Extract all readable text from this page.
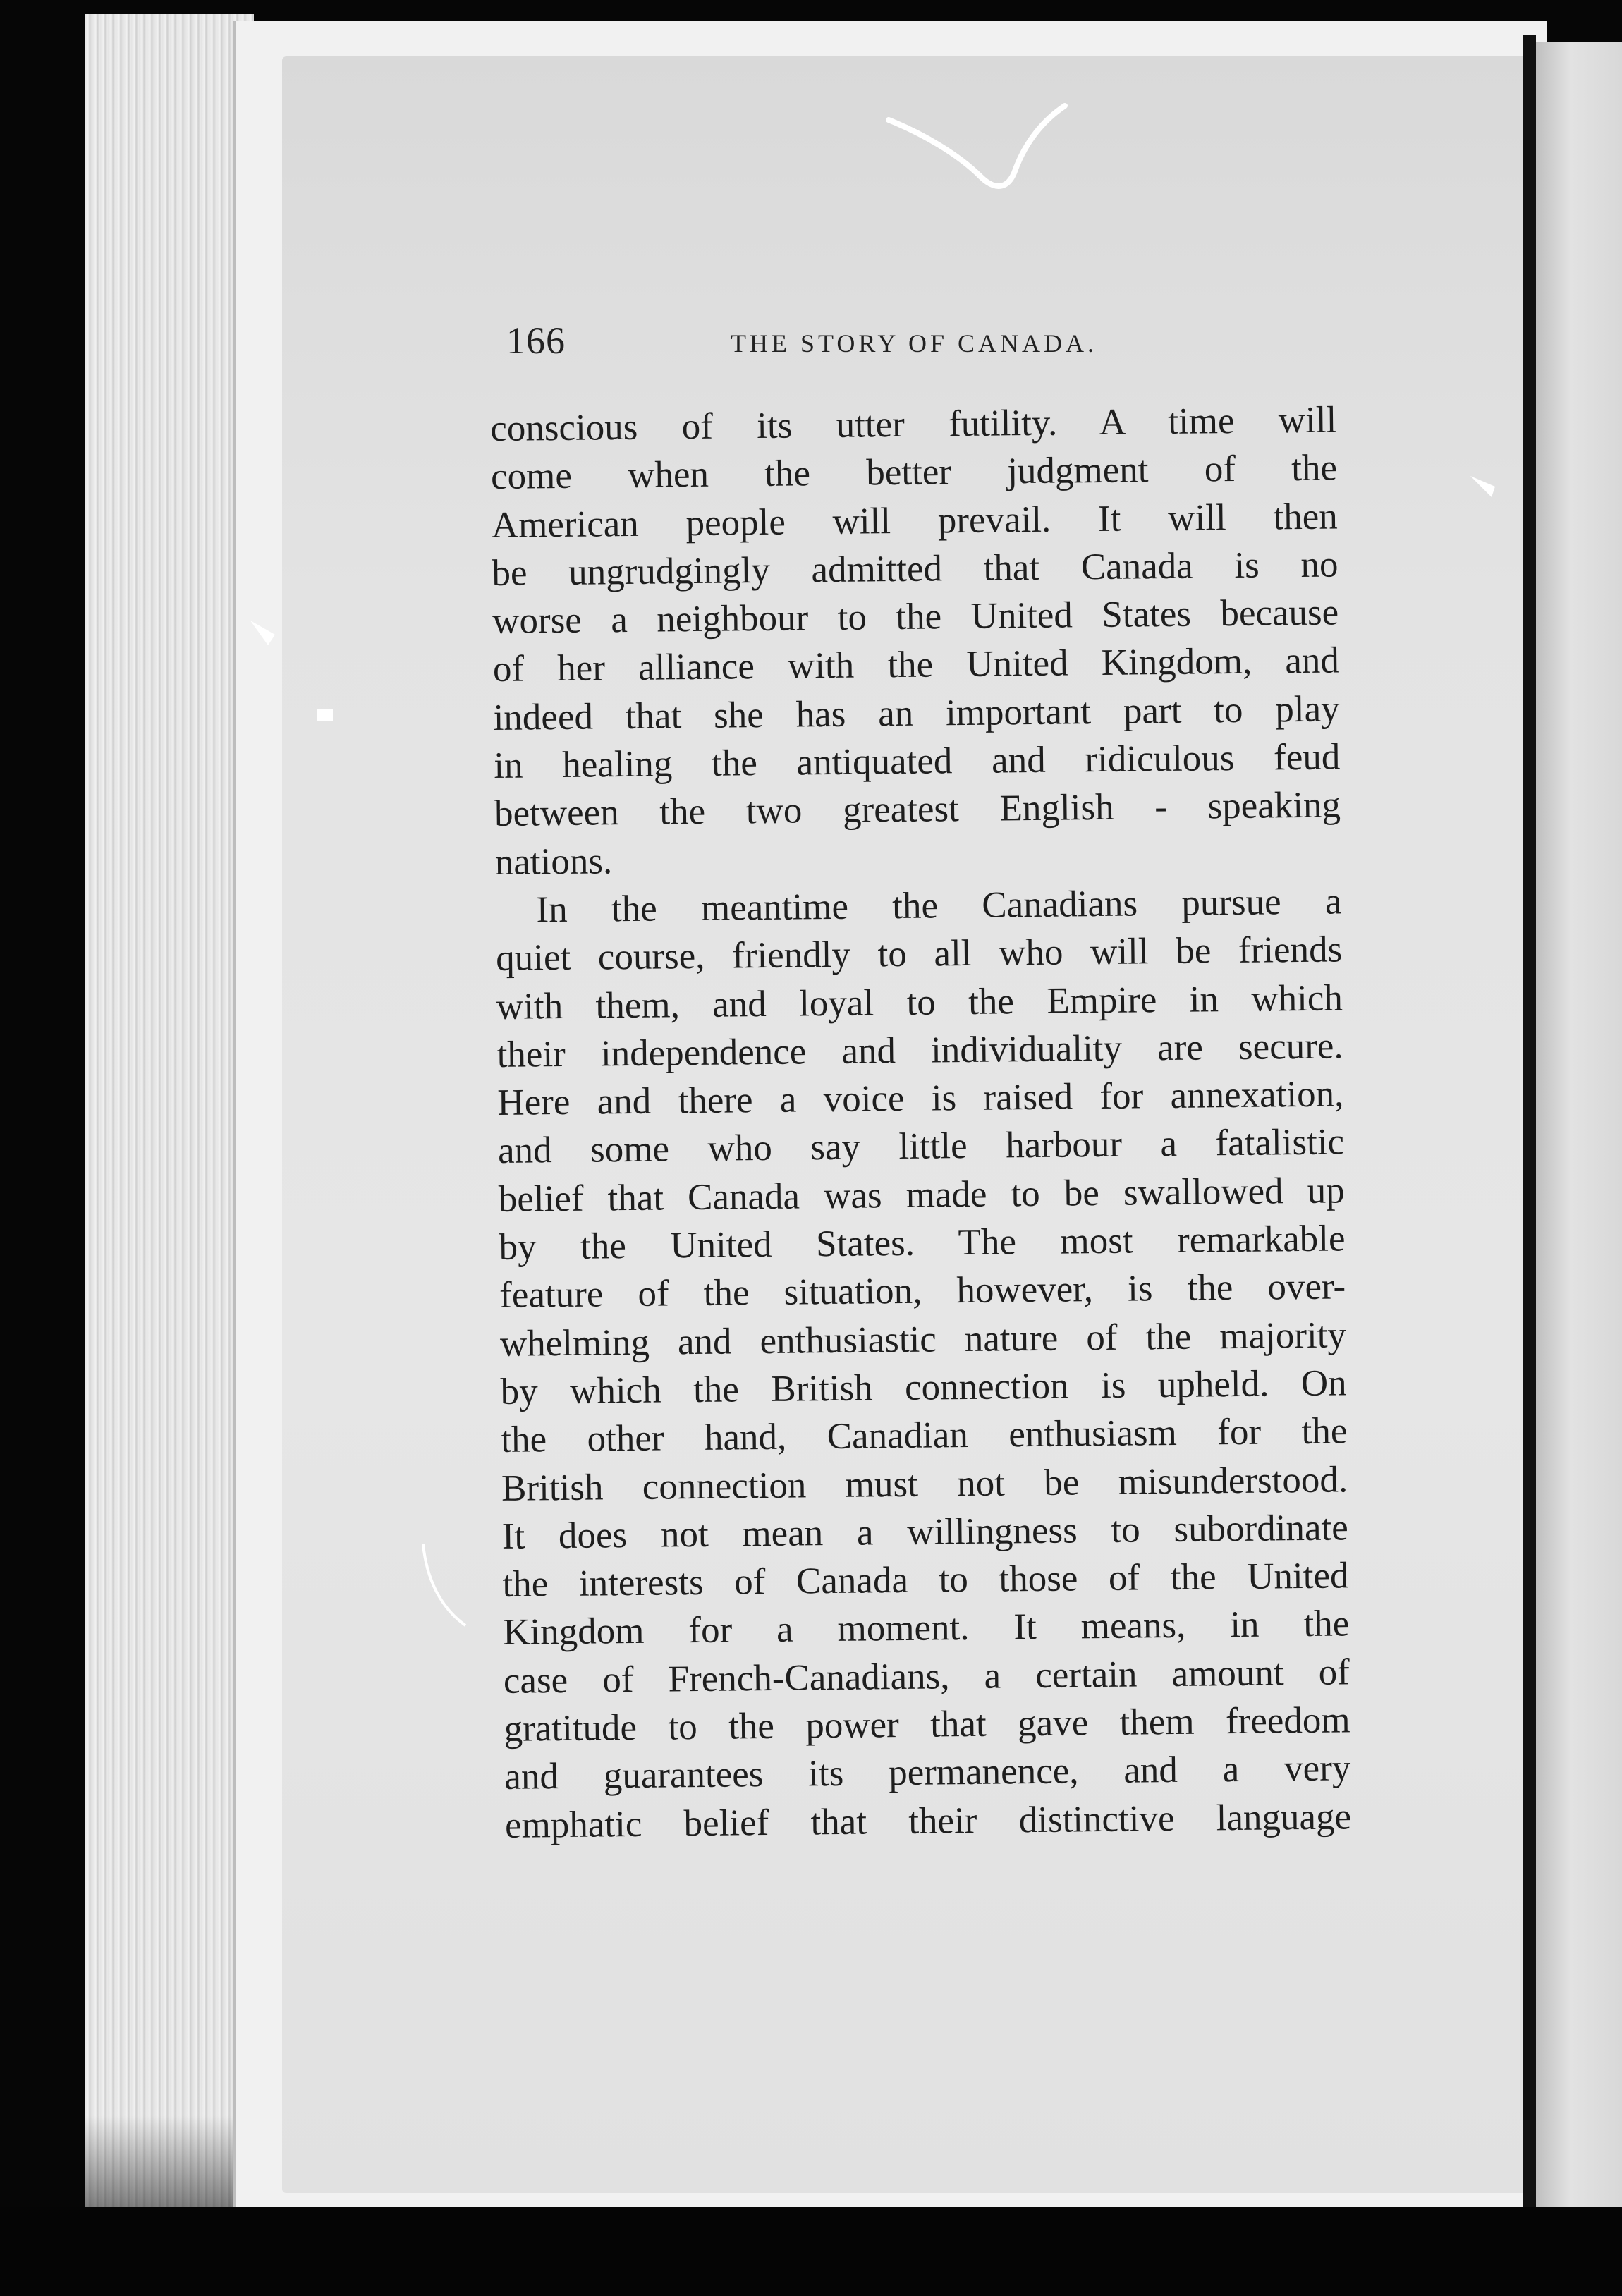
166	THE STORY OF CANADA.
conscious of its utter futility. A time will
come when the better judgment of the
American people will prevail. It will then
be ungrudgingly admitted that Canada is no
worse a neighbour to the United States because
of her alliance with the United Kingdom, and
indeed that she has an important part to play
in healing the antiquated and ridiculous feud
between the two greatest English - speaking
nations.
In the meantime the Canadians pursue a
quiet course, friendly to all who will be friends
with them, and loyal to the Empire in which
their independence and individuality are secure.
Here and there a voice is raised for annexation,
and some who say little harbour a fatalistic
belief that Canada was made to be swallowed up
by the United States. The most remarkable
feature of the situation, however, is the over-
whelming and enthusiastic nature of the majority
by which the British connection is upheld. On
the other hand, Canadian enthusiasm for the
British connection must not be misunderstood.
It does not mean a willingness to subordinate
the interests of Canada to those of the United
Kingdom for a moment. It means, in the
case of French-Canadians, a certain amount of
gratitude to the power that gave them freedom
and guarantees its permanence, and a very
emphatic belief that their distinctive language
